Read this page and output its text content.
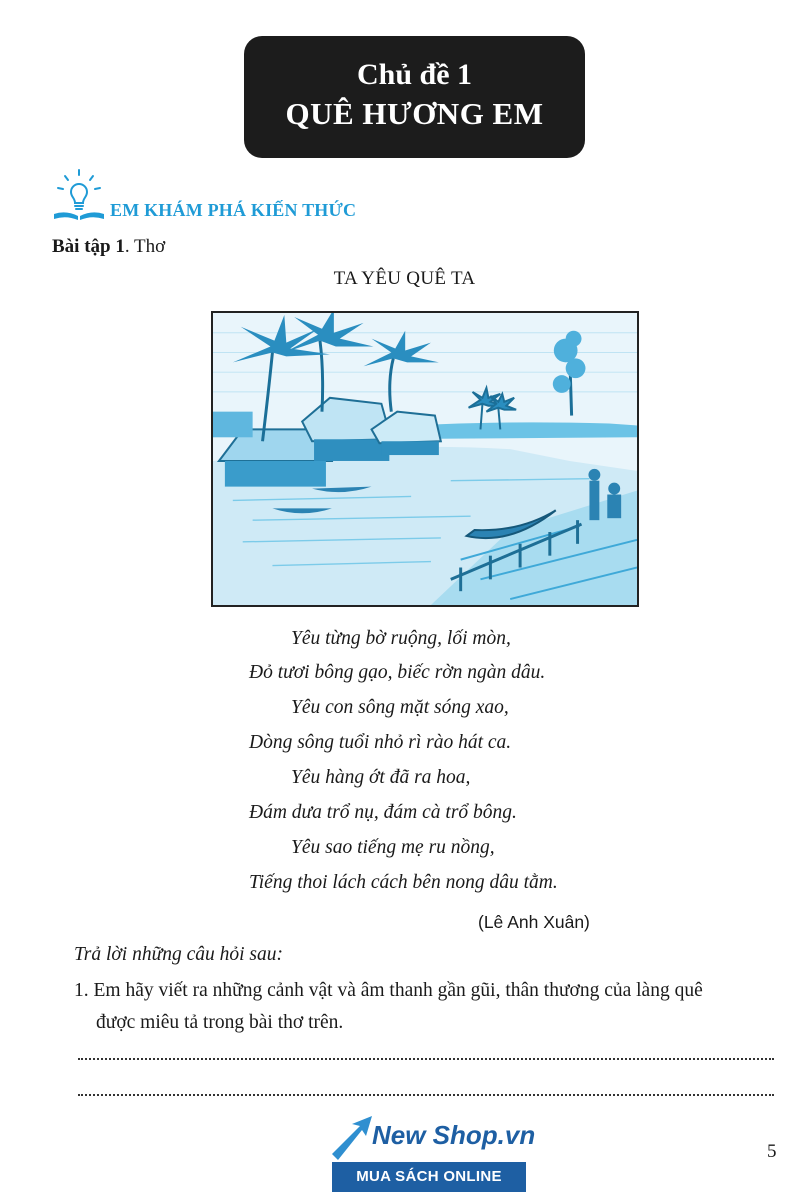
Chủ đề 1
QUÊ HƯƠNG EM
EM KHÁM PHÁ KIẾN THỨC
Bài tập 1. Thơ
TA YÊU QUÊ TA
Yêu từng bờ ruộng, lối mòn,
Đỏ tươi bông gạo, biếc rờn ngàn dâu.
Yêu con sông mặt sóng xao,
Dòng sông tuổi nhỏ rì rào hát ca.
Yêu hàng ớt đã ra hoa,
Đám dưa trổ nụ, đám cà trổ bông.
Yêu sao tiếng mẹ ru nồng,
Tiếng thoi lách cách bên nong dâu tằm.
(Lê Anh Xuân)
Trả lời những câu hỏi sau:
1. Em hãy viết ra những cảnh vật và âm thanh gần gũi, thân thương của làng quê
được miêu tả trong bài thơ trên.
New Shop.vn
MUA SÁCH ONLINE
5
